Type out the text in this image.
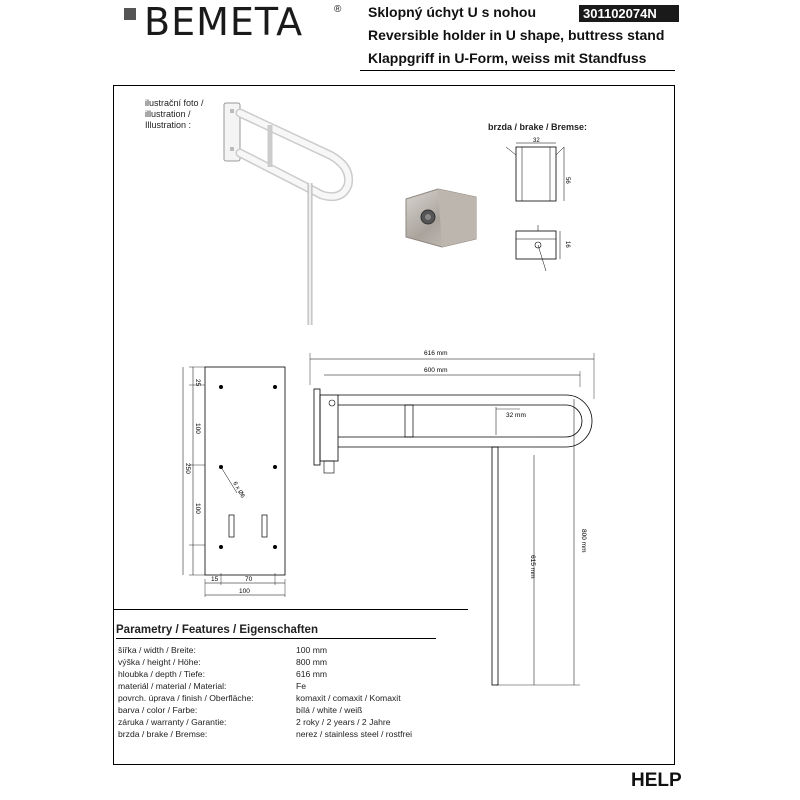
BEMETA	® Sklopný úchyt U s nohou
Reversible holder in U shape, buttress stand
Klappgriff in U-Form, weiss mit Standfuss
301102074N
ilustrační foto /
illustration /
Illustration :	brzda / brake / Bremse:
32
56
16
25
100
250
100
6 x Ø6
15	70
100
616 mm
600 mm
32 mm
615 mm
800 mm
Parametry / Features / Eigenschaften
šířka / width / Breite:	100 mm
výška / height / Höhe:	800 mm
hloubka / depth / Tiefe:	616 mm
materiál / material / Material:	Fe
povrch. úprava / finish / Oberfläche:	komaxit / comaxit / Komaxit
barva / color / Farbe:	bílá / white / weiß
záruka / warranty / Garantie:	2 roky / 2 years / 2 Jahre
brzda / brake / Bremse:	nerez / stainless steel / rostfrei
HELP
